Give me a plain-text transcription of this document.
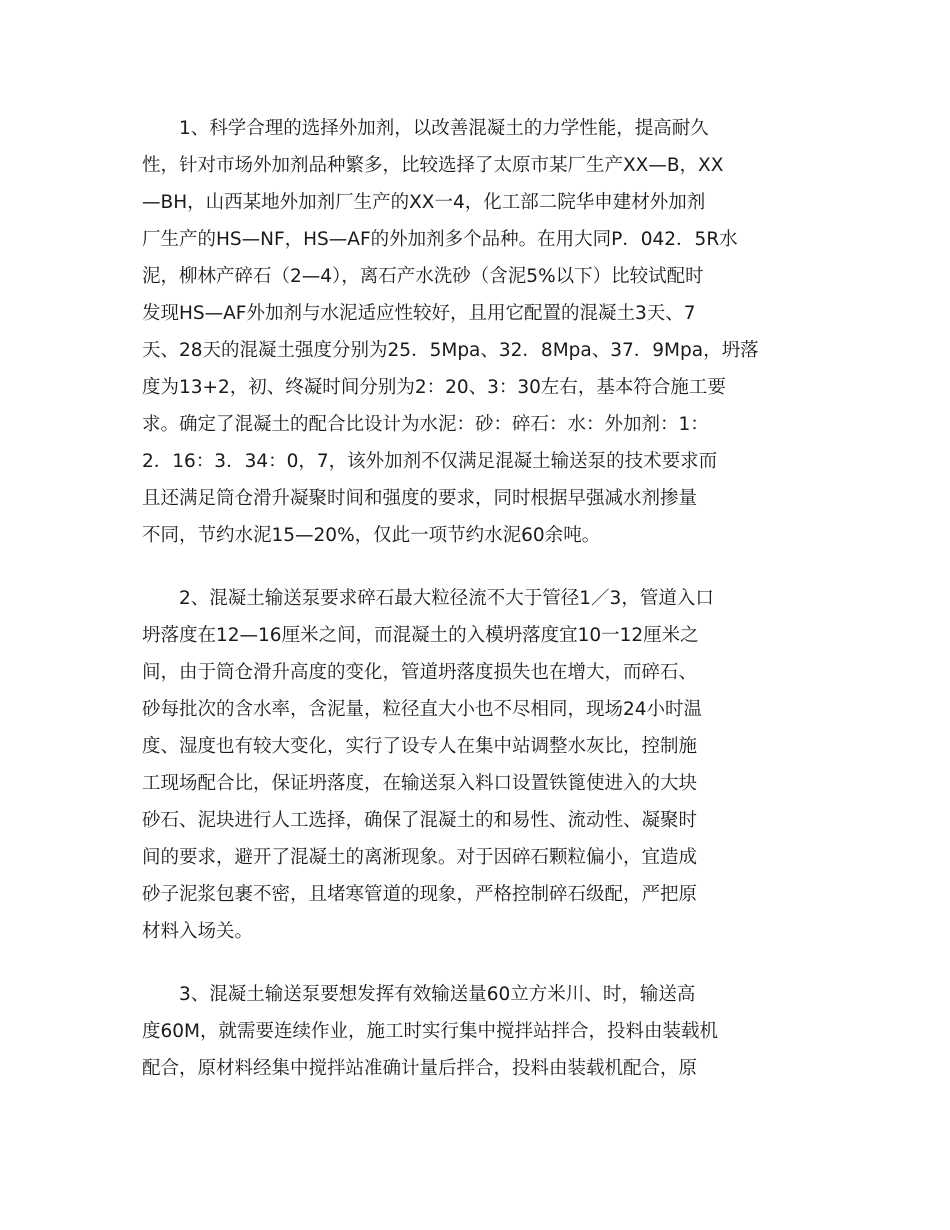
1、科学合理的选择外加剂，以改善混凝土的力学性能，提高耐久
性，针对市场外加剂品种繁多，比较选择了太原市某厂生产XX—B，XX
—BH，山西某地外加剂厂生产的XX一4，化工部二院华申建材外加剂
厂生产的HS—NF，HS—AF的外加剂多个品种。在用大同P．042．5R水
泥，柳林产碎石（2—4），离石产水洗砂（含泥5%以下）比较试配时
发现HS—AF外加剂与水泥适应性较好，且用它配置的混凝土3天、7
天、28天的混凝土强度分别为25．5Mpa、32．8Mpa、37．9Mpa，坍落
度为13+2，初、终凝时间分别为2：20、3：30左右，基本符合施工要
求。确定了混凝土的配合比设计为水泥：砂：碎石：水：外加剂：1：
2．16：3．34：0，7，该外加剂不仅满足混凝土输送泵的技术要求而
且还满足筒仓滑升凝聚时间和强度的要求，同时根据早强减水剂掺量
不同，节约水泥15—20%，仅此一项节约水泥60余吨。

2、混凝土输送泵要求碎石最大粒径流不大于管径1／3，管道入口
坍落度在12—16厘米之间，而混凝土的入模坍落度宜10一12厘米之
间，由于筒仓滑升高度的变化，管道坍落度损失也在增大，而碎石、
砂每批次的含水率，含泥量，粒径直大小也不尽相同，现场24小时温
度、湿度也有较大变化，实行了设专人在集中站调整水灰比，控制施
工现场配合比，保证坍落度，在输送泵入料口设置铁篦使进入的大块
砂石、泥块进行人工选择，确保了混凝土的和易性、流动性、凝聚时
间的要求，避开了混凝土的离淅现象。对于因碎石颗粒偏小，宜造成
砂子泥浆包裹不密，且堵寒管道的现象，严格控制碎石级配，严把原
材料入场关。

3、混凝土输送泵要想发挥有效输送量60立方米川、时，输送高
度60M，就需要连续作业，施工时实行集中搅拌站拌合，投料由装载机
配合，原材料经集中搅拌站准确计量后拌合，投料由装载机配合，原
